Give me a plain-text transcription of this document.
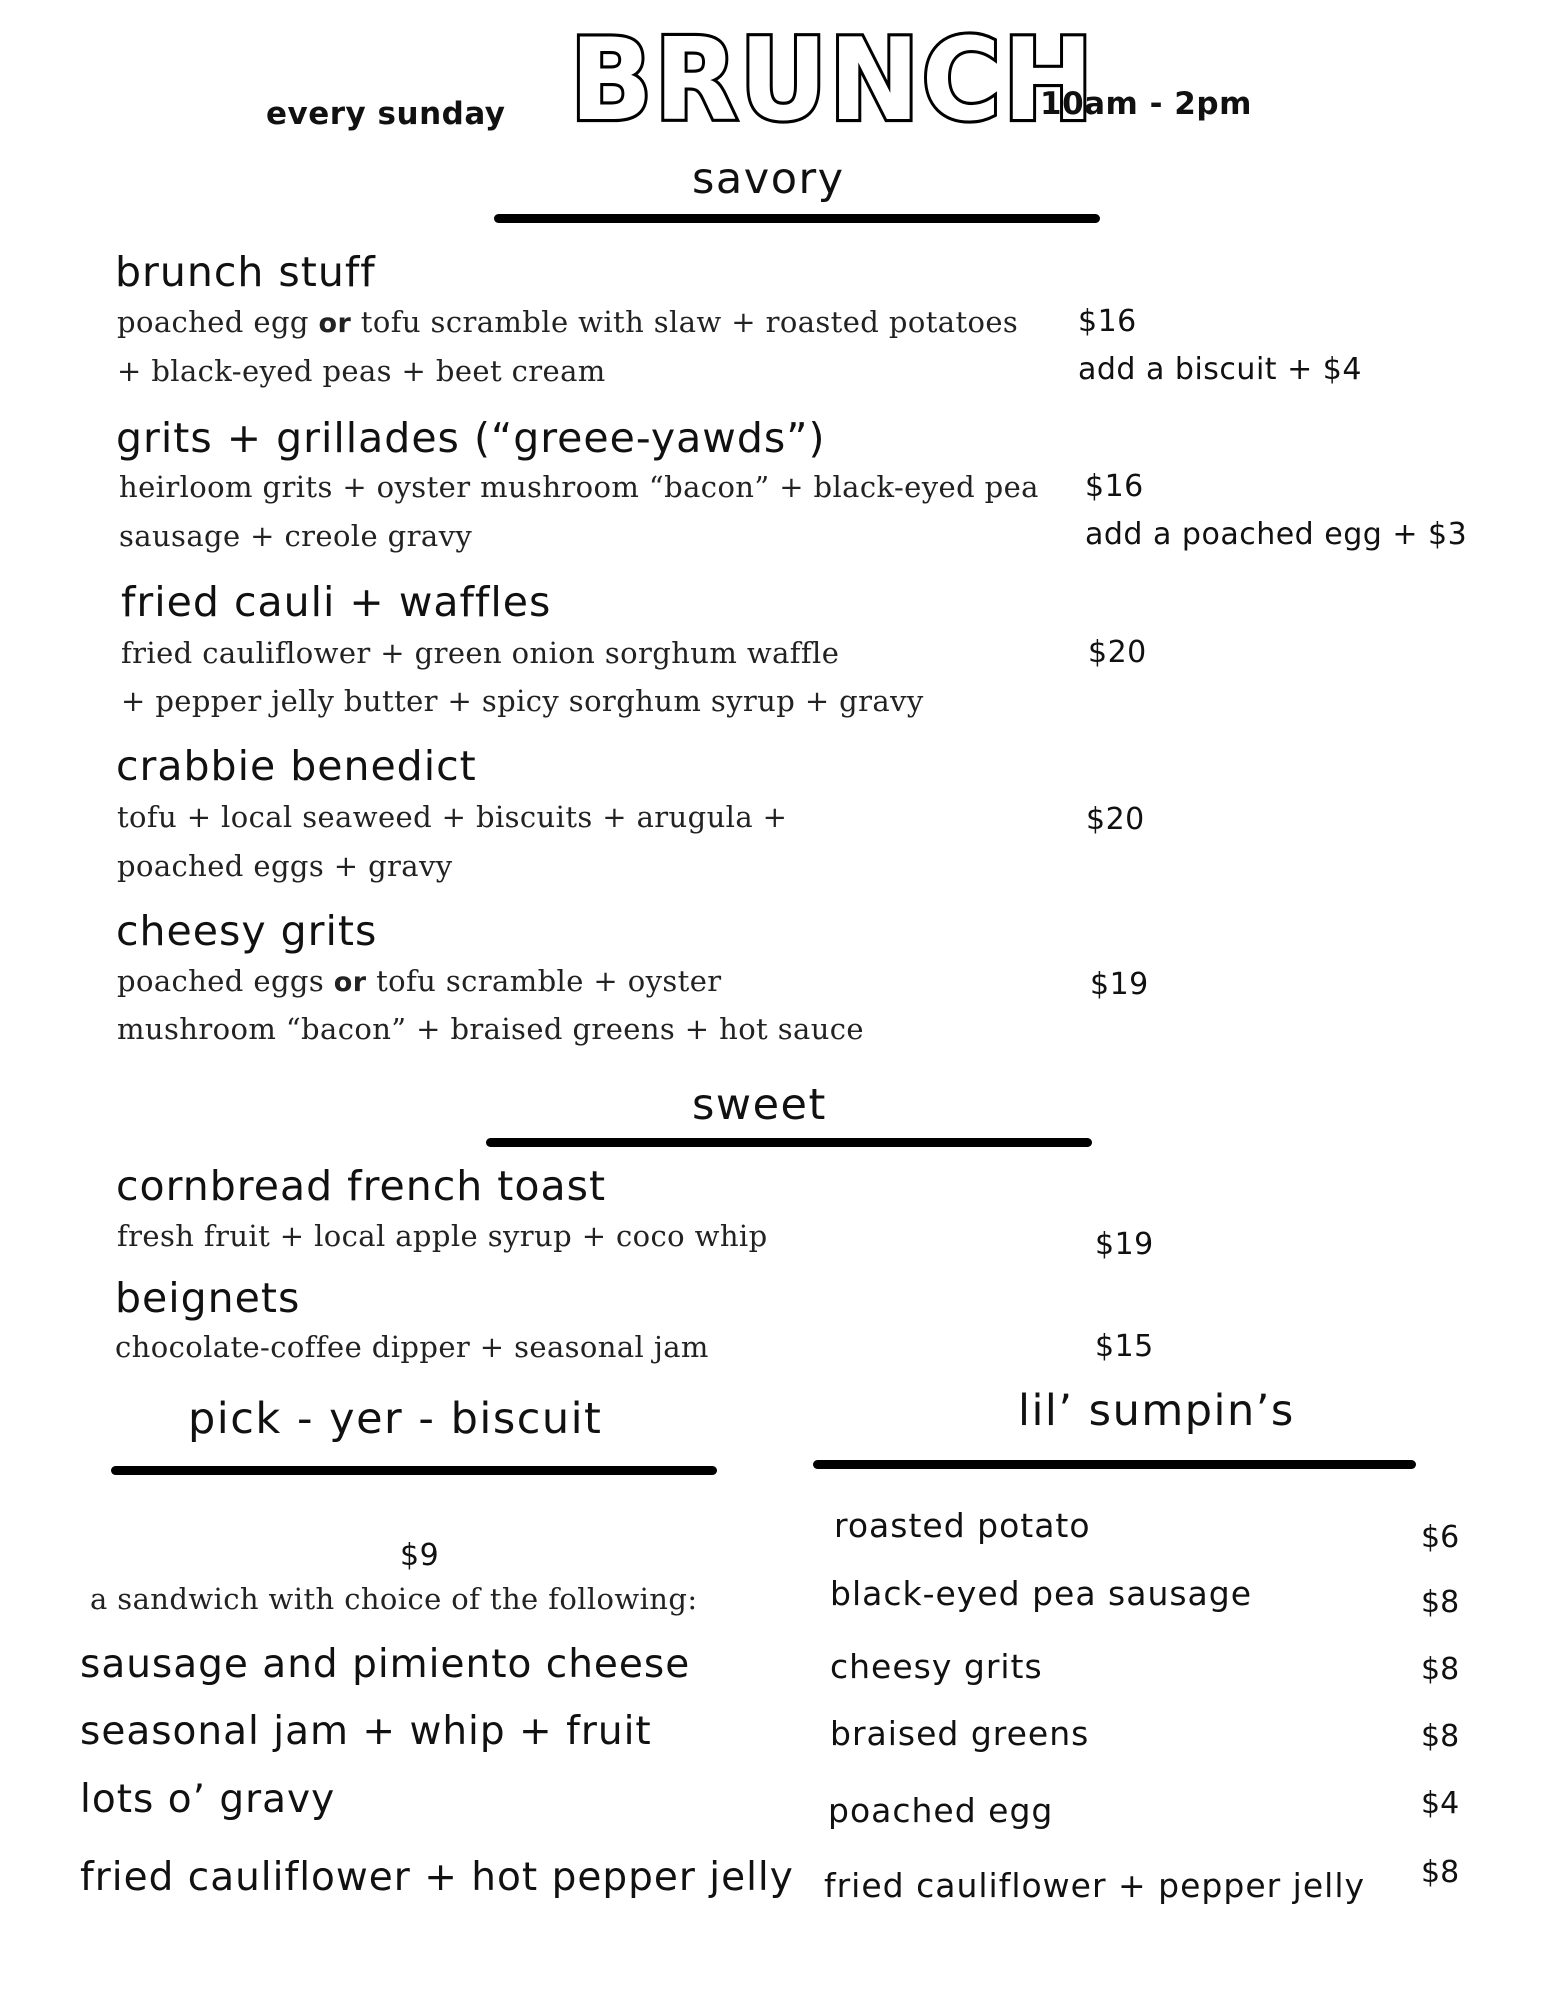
every sunday BRUNCH
10am - 2pm
savory
brunch stuff
poached egg or tofu scramble with slaw + roasted potatoes
+ black-eyed peas + beet cream
$16
add a biscuit + $4
grits + grillades (“greee-yawds”)
heirloom grits + oyster mushroom “bacon” + black-eyed pea
sausage + creole gravy
$16
add a poached egg + $3
fried cauli + waffles
fried cauliflower + green onion sorghum waffle
+ pepper jelly butter + spicy sorghum syrup + gravy
$20
crabbie benedict
tofu + local seaweed + biscuits + arugula +
poached eggs + gravy
$20
cheesy grits
poached eggs or tofu scramble + oyster
mushroom “bacon” + braised greens + hot sauce
$19
sweet
cornbread french toast
fresh fruit + local apple syrup + coco whip	$19
beignets
chocolate-coffee dipper + seasonal jam	$15
pick - yer - biscuit
$9
a sandwich with choice of the following:
sausage and pimiento cheese
seasonal jam + whip + fruit
lots o’ gravy
fried cauliflower + hot pepper jelly
lil’ sumpin’s
roasted potato	$6
black-eyed pea sausage	$8
cheesy grits	$8
braised greens	$8
poached egg	$4
fried cauliflower + pepper jelly $8
